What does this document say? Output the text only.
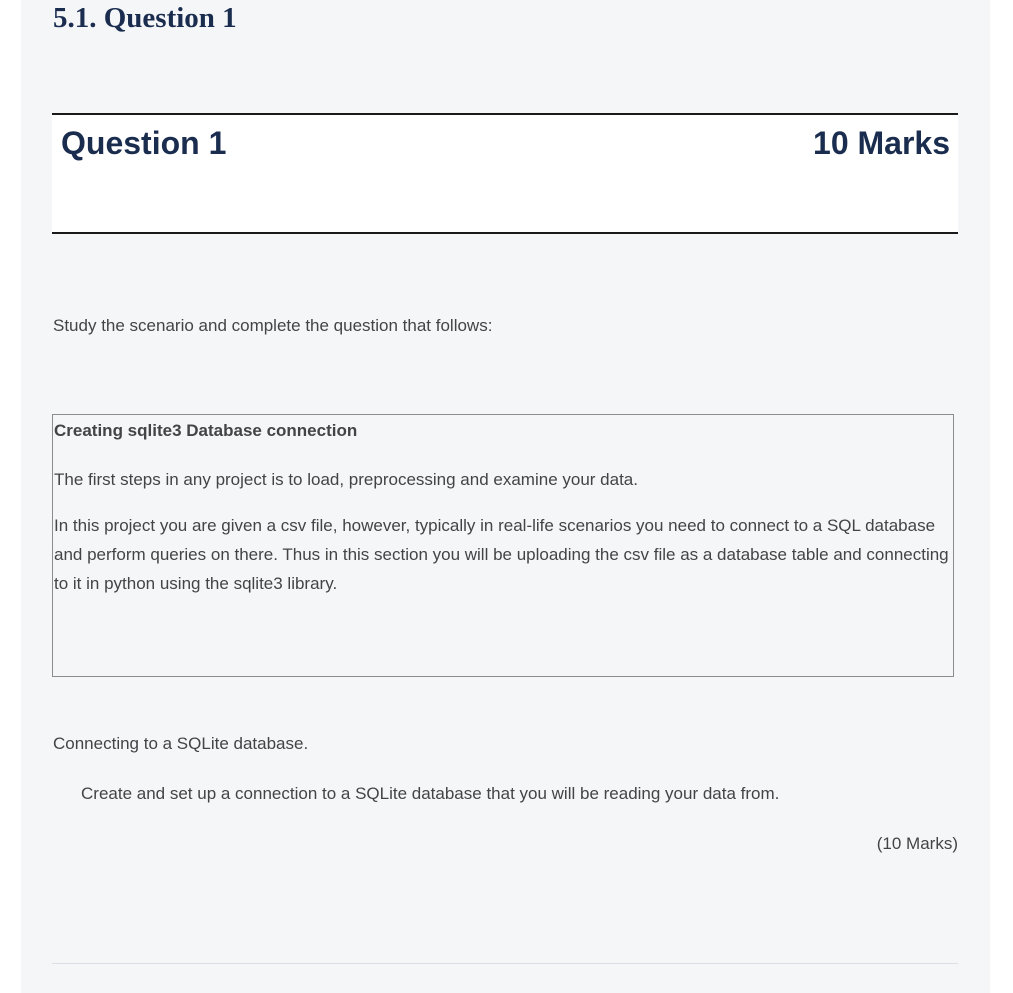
5.1. Question 1
Question 1	10 Marks

Study the scenario and complete the question that follows:

Creating sqlite3 Database connection

The first steps in any project is to load, preprocessing and examine your data.

In this project you are given a csv file, however, typically in real-life scenarios you need to connect to a SQL database and perform queries on there. Thus in this section you will be uploading the csv file as a database table and connecting to it in python using the sqlite3 library.

Connecting to a SQLite database.

Create and set up a connection to a SQLite database that you will be reading your data from.

(10 Marks)
